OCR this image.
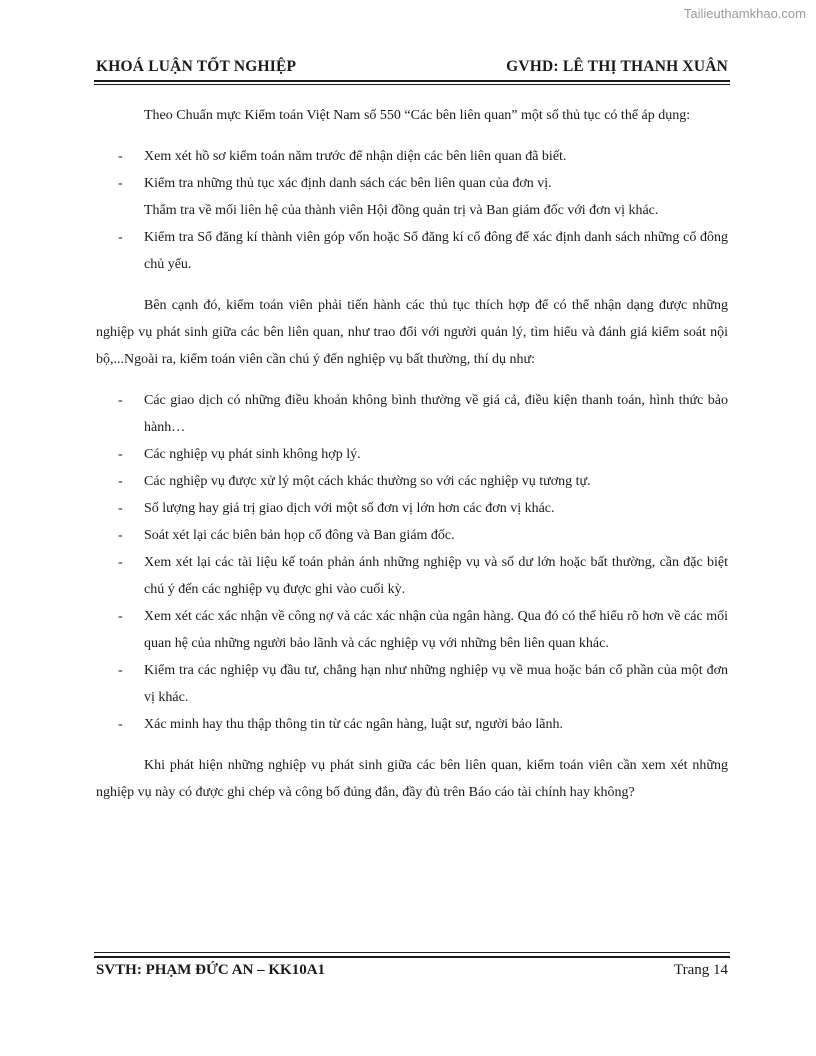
Tailieuthamkhao.com
KHOÁ LUẬN TỐT NGHIỆP	GVHD: LÊ THỊ THANH XUÂN

Theo Chuẩn mực Kiểm toán Việt Nam số 550 “Các bên liên quan” một số thủ tục có thể áp dụng:

- Xem xét hồ sơ kiểm toán năm trước để nhận diện các bên liên quan đã biết.

- Kiểm tra những thủ tục xác định danh sách các bên liên quan của đơn vị.

Thẩm tra về mối liên hệ của thành viên Hội đồng quản trị và Ban giám đốc với đơn vị khác.

- Kiểm tra Sổ đăng kí thành viên góp vốn hoặc Sổ đăng kí cổ đông để xác định danh sách những cổ đông chủ yếu.

Bên cạnh đó, kiểm toán viên phải tiến hành các thủ tục thích hợp để có thể nhận dạng được những nghiệp vụ phát sinh giữa các bên liên quan, như trao đổi với người quản lý, tìm hiểu và đánh giá kiểm soát nội bộ,...Ngoài ra, kiểm toán viên cần chú ý đến nghiệp vụ bất thường, thí dụ như:

- Các giao dịch có những điều khoản không bình thường về giá cả, điều kiện thanh toán, hình thức bảo hành…

- Các nghiệp vụ phát sinh không hợp lý.

- Các nghiệp vụ được xử lý một cách khác thường so với các nghiệp vụ tương tự.

- Số lượng hay giá trị giao dịch với một số đơn vị lớn hơn các đơn vị khác.

- Soát xét lại các biên bản họp cổ đông và Ban giám đốc.

- Xem xét lại các tài liệu kế toán phản ánh những nghiệp vụ và số dư lớn hoặc bất thường, cần đặc biệt chú ý đến các nghiệp vụ được ghi vào cuối kỳ.

- Xem xét các xác nhận về công nợ và các xác nhận của ngân hàng. Qua đó có thể hiểu rõ hơn về các mối quan hệ của những người bảo lãnh và các nghiệp vụ với những bên liên quan khác.

- Kiểm tra các nghiệp vụ đầu tư, chẳng hạn như những nghiệp vụ về mua hoặc bán cổ phần của một đơn vị khác.

- Xác minh hay thu thập thông tin từ các ngân hàng, luật sư, người bảo lãnh.

Khi phát hiện những nghiệp vụ phát sinh giữa các bên liên quan, kiểm toán viên cần xem xét những nghiệp vụ này có được ghi chép và công bố đúng đắn, đầy đủ trên Báo cáo tài chính hay không?

SVTH: PHẠM ĐỨC AN – KK10A1	Trang 14
